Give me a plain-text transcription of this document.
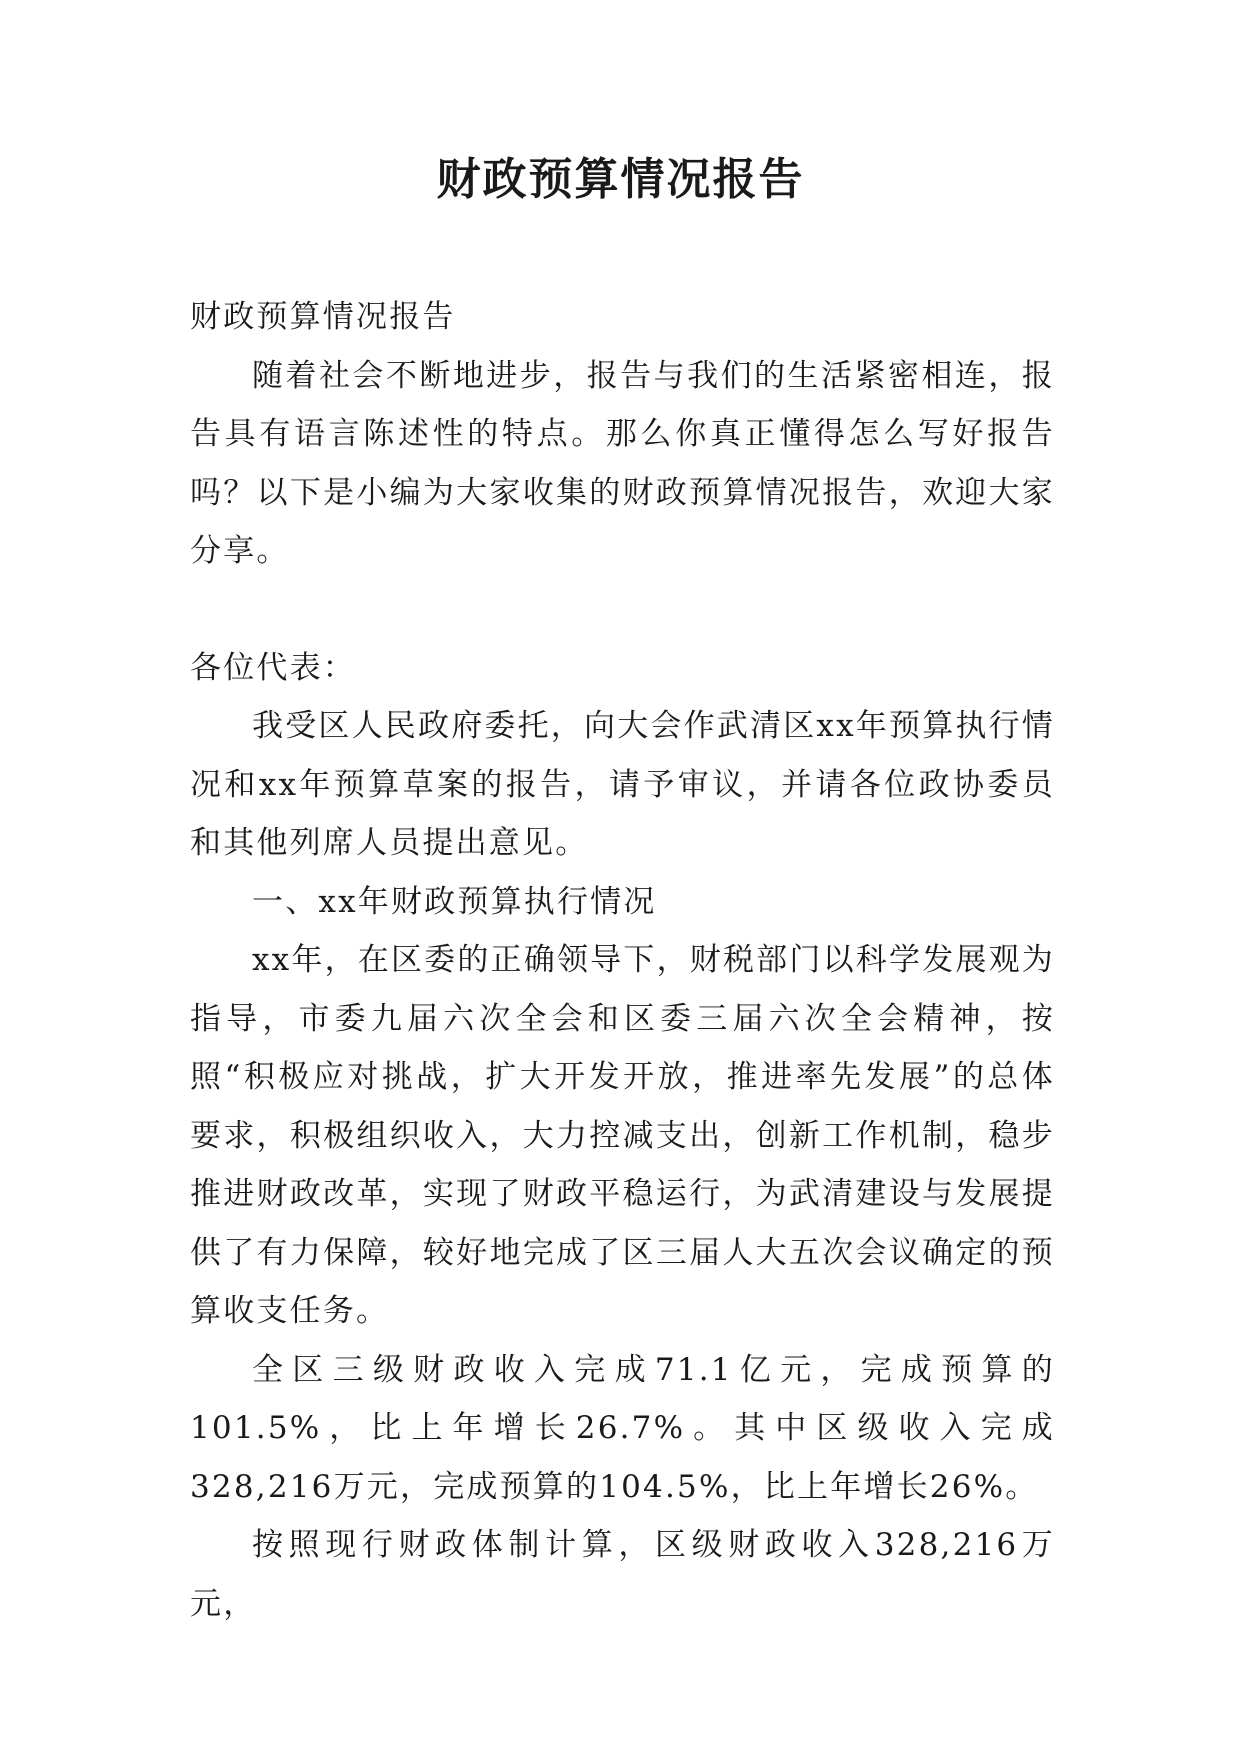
财政预算情况报告

财政预算情况报告

随着社会不断地进步，报告与我们的生活紧密相连，报告具有语言陈述性的特点。那么你真正懂得怎么写好报告吗？以下是小编为大家收集的财政预算情况报告，欢迎大家分享。

各位代表：

我受区人民政府委托，向大会作武清区xx年预算执行情况和xx年预算草案的报告，请予审议，并请各位政协委员和其他列席人员提出意见。

一、xx年财政预算执行情况

xx年，在区委的正确领导下，财税部门以科学发展观为指导，市委九届六次全会和区委三届六次全会精神，按照“积极应对挑战，扩大开发开放，推进率先发展”的总体要求，积极组织收入，大力控减支出，创新工作机制，稳步推进财政改革，实现了财政平稳运行，为武清建设与发展提供了有力保障，较好地完成了区三届人大五次会议确定的预算收支任务。

全区三级财政收入完成71.1亿元，完成预算的101.5%，比上年增长26.7%。其中区级收入完成328,216万元，完成预算的104.5%，比上年增长26%。

按照现行财政体制计算，区级财政收入328,216万元，
